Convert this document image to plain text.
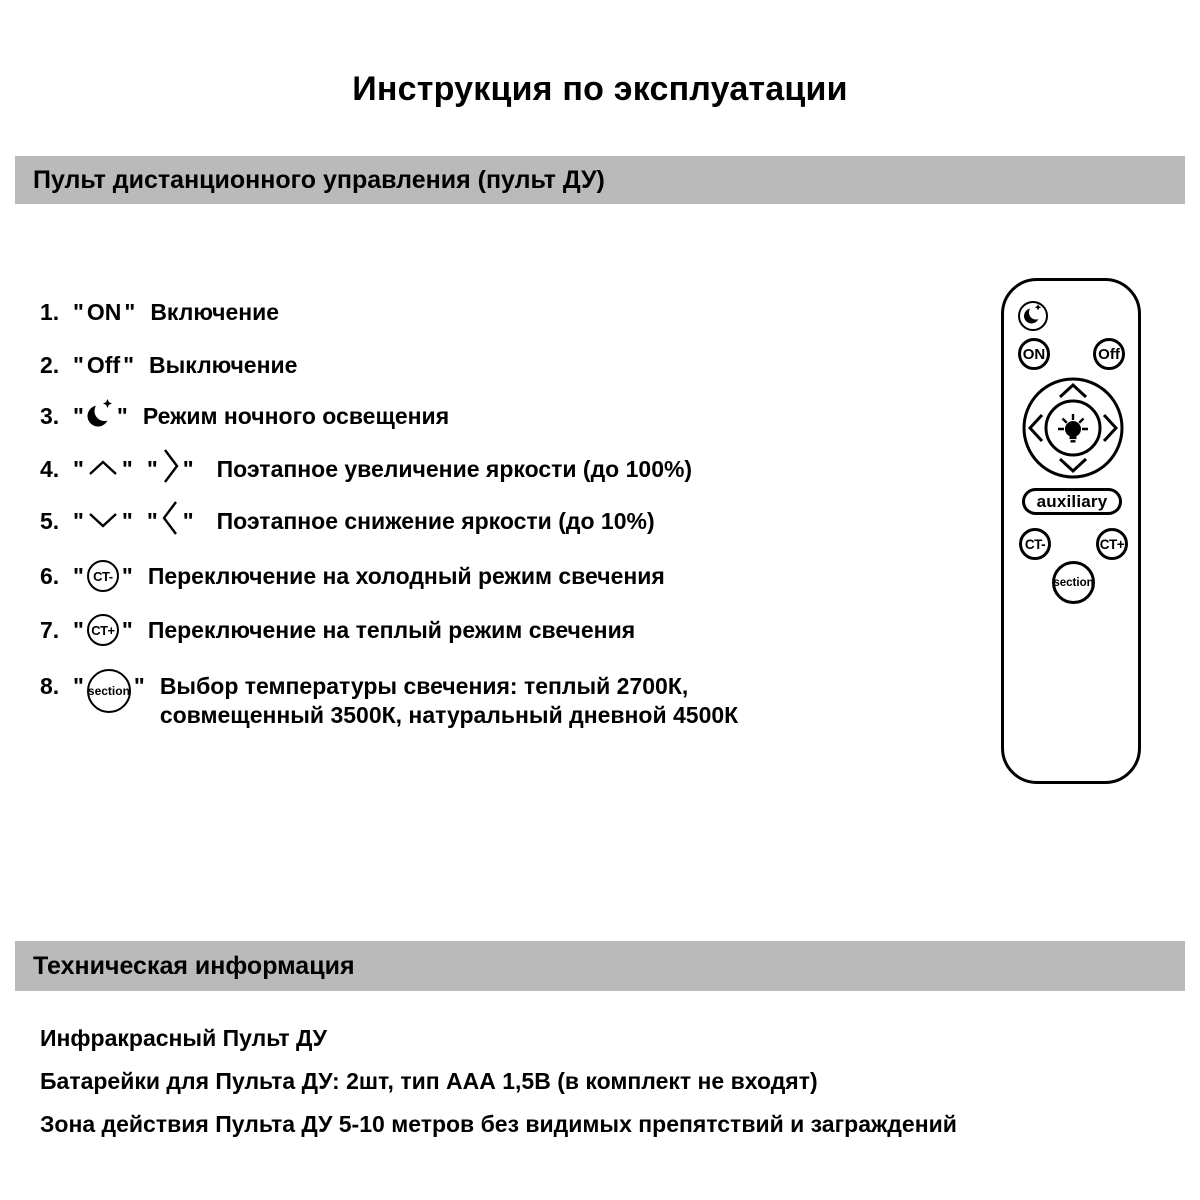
Инструкция по эксплуатации
Пульт дистанционного управления (пульт ДУ)
1. " ON " Включение
2. " Off " Выключение
3. " " Режим ночного освещения
4. " " " " Поэтапное увеличение яркости (до 100%)
5. " " " " Поэтапное снижение яркости (до 10%)
6. " CT- " Переключение на холодный режим свечения
7. " CT+ " Переключение на теплый режим свечения
8. " section " Выбор температуры свечения: теплый 2700К,
совмещенный 3500К, натуральный дневной 4500К
ON	Off
auxiliary
CT-	CT+
section
Техническая информация
Инфракрасный Пульт ДУ
Батарейки для Пульта ДУ: 2шт, тип ААА 1,5В (в комплект не входят)
Зона действия Пульта ДУ 5-10 метров без видимых препятствий и заграждений
